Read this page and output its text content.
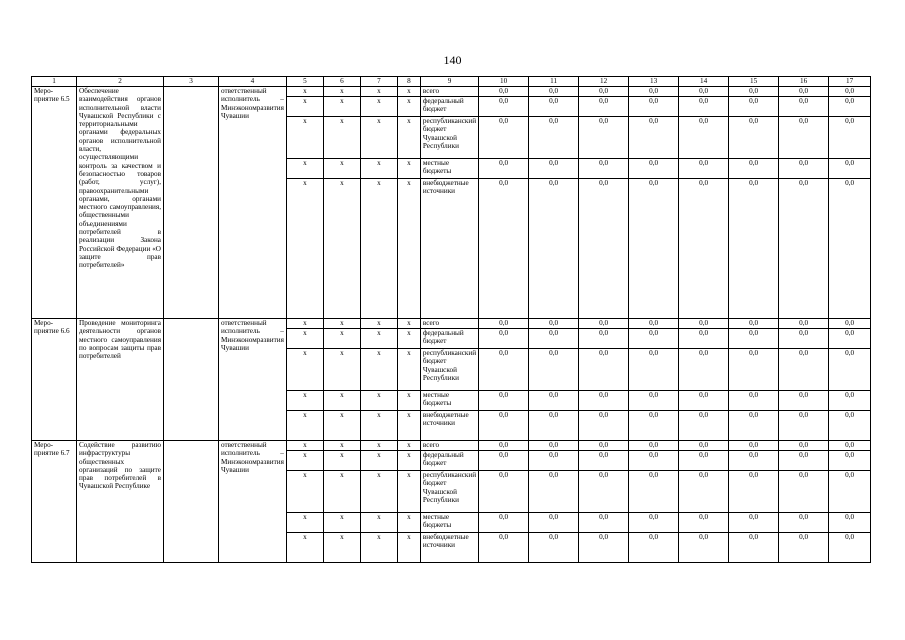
140
1	2	3	4	5	6	7	8	9	10	11	12	13	14	15	16	17
Меро-приятие 6.5	Обеспечение взаимодействия органов исполнительной власти Чувашской Республики с территориальными органами федеральных органов исполнительной власти, осуществляющими контроль за качеством и безопасностью товаров (работ, услуг), правоохранительными органами, органами местного самоуправления, общественными объединениями потребителей в реализации Закона Российской Федерации «О защите прав потребителей»		ответственный исполнитель – Минэкономразвития Чувашии	х	х	х	х	всего	0,0	0,0	0,0	0,0	0,0	0,0	0,0	0,0
				х	х	х	х	федеральный бюджет	0,0	0,0	0,0	0,0	0,0	0,0	0,0	0,0
				х	х	х	х	республиканский бюджет Чувашской Республики	0,0	0,0	0,0	0,0	0,0	0,0	0,0	0,0
				х	х	х	х	местные бюджеты	0,0	0,0	0,0	0,0	0,0	0,0	0,0	0,0
				х	х	х	х	внебюджетные источники	0,0	0,0	0,0	0,0	0,0	0,0	0,0	0,0
Меро-приятие 6.6	Проведение мониторинга деятельности органов местного самоуправления по вопросам защиты прав потребителей		ответственный исполнитель – Минэкономразвития Чувашии	х	х	х	х	всего	0,0	0,0	0,0	0,0	0,0	0,0	0,0	0,0
				х	х	х	х	федеральный бюджет	0,0	0,0	0,0	0,0	0,0	0,0	0,0	0,0
				х	х	х	х	республиканский бюджет Чувашской Республики	0,0	0,0	0,0	0,0	0,0	0,0	0,0	0,0
				х	х	х	х	местные бюджеты	0,0	0,0	0,0	0,0	0,0	0,0	0,0	0,0
				х	х	х	х	внебюджетные источники	0,0	0,0	0,0	0,0	0,0	0,0	0,0	0,0
Меро-приятие 6.7	Содействие развитию инфраструктуры общественных организаций по защите прав потребителей в Чувашской Республике		ответственный исполнитель – Минэкономразвития Чувашии	х	х	х	х	всего	0,0	0,0	0,0	0,0	0,0	0,0	0,0	0,0
				х	х	х	х	федеральный бюджет	0,0	0,0	0,0	0,0	0,0	0,0	0,0	0,0
				х	х	х	х	республиканский бюджет Чувашской Республики	0,0	0,0	0,0	0,0	0,0	0,0	0,0	0,0
				х	х	х	х	местные бюджеты	0,0	0,0	0,0	0,0	0,0	0,0	0,0	0,0
				х	х	х	х	внебюджетные источники	0,0	0,0	0,0	0,0	0,0	0,0	0,0	0,0
